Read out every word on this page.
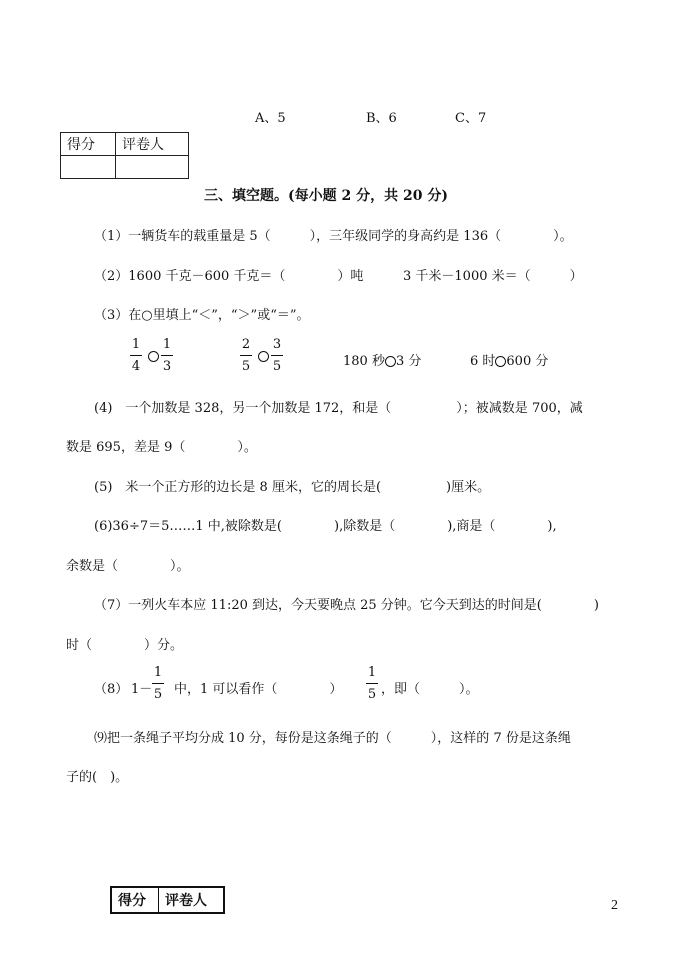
A、5	B、6	C、7
得分	评卷人

三、填空题。(每小题 2 分，共 20 分)
（1）一辆货车的载重量是 5（　　　），三年级同学的身高约是 136（　　　　）。
（2）1600 千克－600 千克＝（　　　　）吨	3 千米－1000 米＝（　　　）
（3）在○里填上“＜”，“＞”或“＝”。
1
4
1
3
2
5
3
5	180 秒 3 分	6 时 600 分
(4)　一个加数是 328，另一个加数是 172，和是（　　　　　）；被减数是 700，减
数是 695，差是 9（　　　　）。
(5)　米一个正方形的边长是 8 厘米，它的周长是(　　　　　)厘米。
(6)36÷7＝5……1 中,被除数是(　　　　),除数是（　　　　),商是（　　　　),
余数是（　　　　）。
（7）一列火车本应 11:20 到达，今天要晚点 25 分钟。它今天到达的时间是(　　　　)
时（　　　　）分。
（8） 1－
1
5 中，1 可以看作（　　　　）
1
5 ，即（　　　）。
⑼把一条绳子平均分成 10 分，每份是这条绳子的（　　　），这样的 7 份是这条绳
子的(　)。
得分	评卷人	2
